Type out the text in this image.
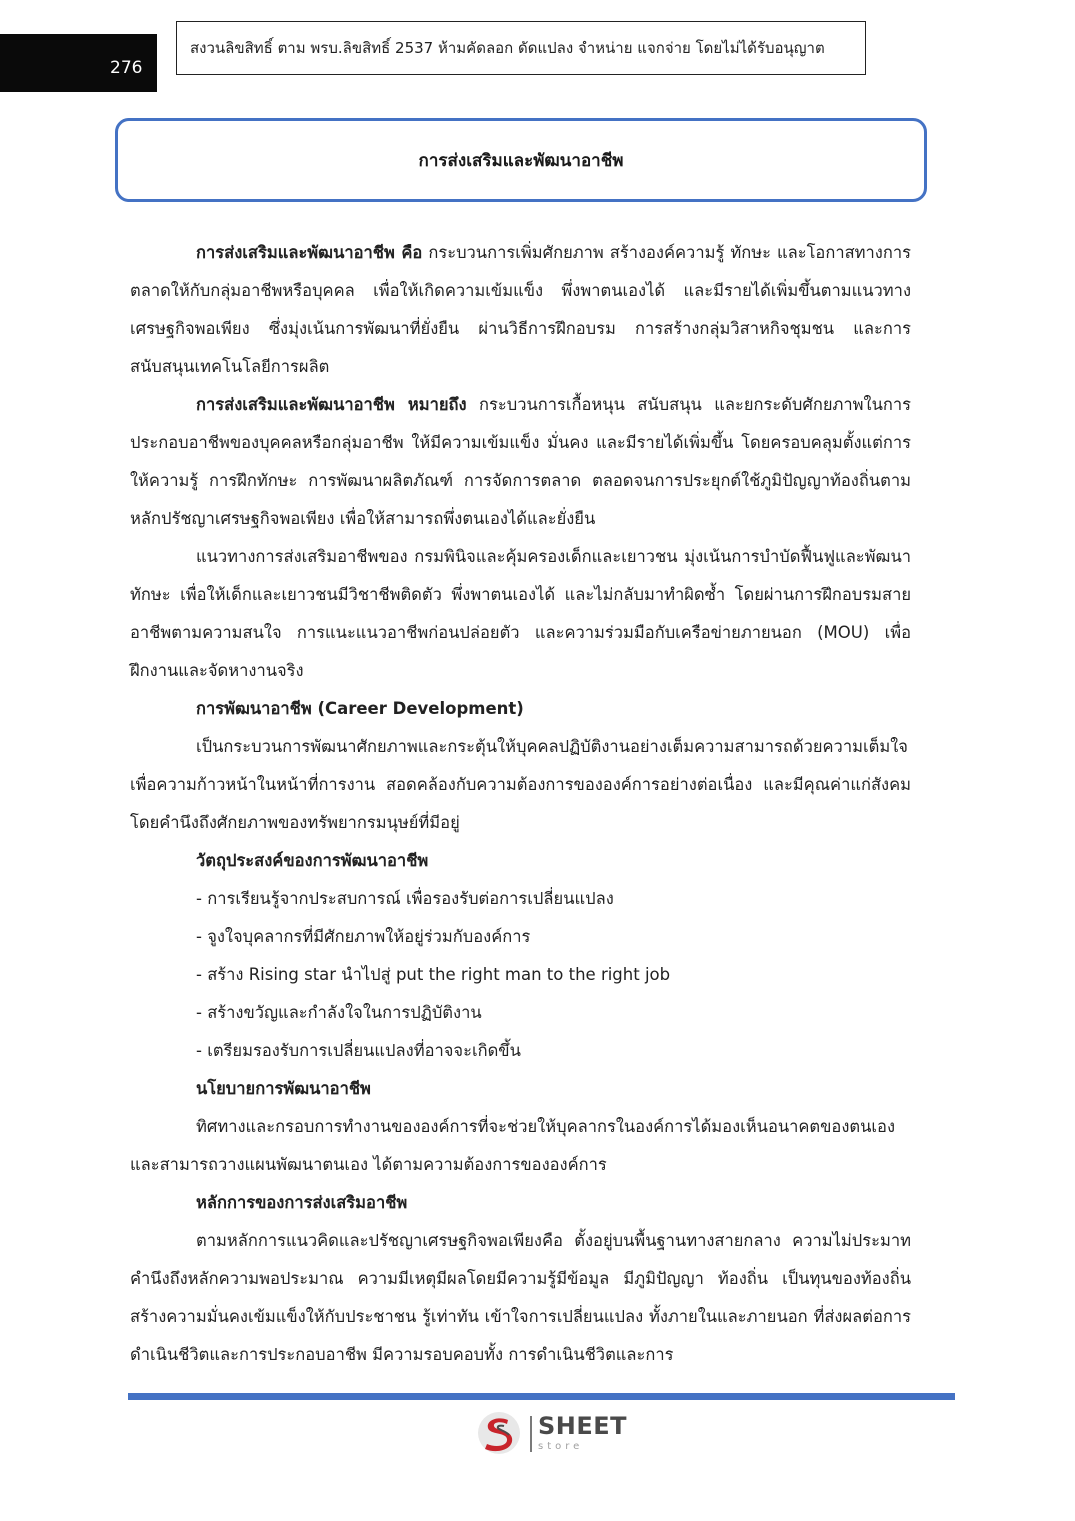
276
สงวนลิขสิทธิ์ ตาม พรบ.ลิขสิทธิ์ 2537 ห้ามคัดลอก ดัดแปลง จำหน่าย แจกจ่าย โดยไม่ได้รับอนุญาต
การส่งเสริมและพัฒนาอาชีพ

การส่งเสริมและพัฒนาอาชีพ คือ กระบวนการเพิ่มศักยภาพ สร้างองค์ความรู้ ทักษะ และโอกาสทางการตลาดให้กับกลุ่มอาชีพหรือบุคคล เพื่อให้เกิดความเข้มแข็ง พึ่งพาตนเองได้ และมีรายได้เพิ่มขึ้นตามแนวทางเศรษฐกิจพอเพียง ซึ่งมุ่งเน้นการพัฒนาที่ยั่งยืน ผ่านวิธีการฝึกอบรม การสร้างกลุ่มวิสาหกิจชุมชน และการสนับสนุนเทคโนโลยีการผลิต

การส่งเสริมและพัฒนาอาชีพ หมายถึง กระบวนการเกื้อหนุน สนับสนุน และยกระดับศักยภาพในการประกอบอาชีพของบุคคลหรือกลุ่มอาชีพ ให้มีความเข้มแข็ง มั่นคง และมีรายได้เพิ่มขึ้น โดยครอบคลุมตั้งแต่การให้ความรู้ การฝึกทักษะ การพัฒนาผลิตภัณฑ์ การจัดการตลาด ตลอดจนการประยุกต์ใช้ภูมิปัญญาท้องถิ่นตามหลักปรัชญาเศรษฐกิจพอเพียง เพื่อให้สามารถพึ่งตนเองได้และยั่งยืน

แนวทางการส่งเสริมอาชีพของ กรมพินิจและคุ้มครองเด็กและเยาวชน มุ่งเน้นการบำบัดฟื้นฟูและพัฒนาทักษะ เพื่อให้เด็กและเยาวชนมีวิชาชีพติดตัว พึ่งพาตนเองได้ และไม่กลับมาทำผิดซ้ำ โดยผ่านการฝึกอบรมสายอาชีพตามความสนใจ การแนะแนวอาชีพก่อนปล่อยตัว และความร่วมมือกับเครือข่ายภายนอก (MOU) เพื่อฝึกงานและจัดหางานจริง

การพัฒนาอาชีพ (Career Development)

เป็นกระบวนการพัฒนาศักยภาพและกระตุ้นให้บุคคลปฏิบัติงานอย่างเต็มความสามารถด้วยความเต็มใจ เพื่อความก้าวหน้าในหน้าที่การงาน สอดคล้องกับความต้องการขององค์การอย่างต่อเนื่อง และมีคุณค่าแก่สังคม โดยคำนึงถึงศักยภาพของทรัพยากรมนุษย์ที่มีอยู่

วัตถุประสงค์ของการพัฒนาอาชีพ

- การเรียนรู้จากประสบการณ์ เพื่อรองรับต่อการเปลี่ยนแปลง

- จูงใจบุคลากรที่มีศักยภาพให้อยู่ร่วมกับองค์การ

- สร้าง Rising star นำไปสู่ put the right man to the right job

- สร้างขวัญและกำลังใจในการปฏิบัติงาน

- เตรียมรองรับการเปลี่ยนแปลงที่อาจจะเกิดขึ้น

นโยบายการพัฒนาอาชีพ

ทิศทางและกรอบการทำงานขององค์การที่จะช่วยให้บุคลากรในองค์การได้มองเห็นอนาคตของตนเอง และสามารถวางแผนพัฒนาตนเอง ได้ตามความต้องการขององค์การ

หลักการของการส่งเสริมอาชีพ

ตามหลักการแนวคิดและปรัชญาเศรษฐกิจพอเพียงคือ ตั้งอยู่บนพื้นฐานทางสายกลาง ความไม่ประมาท คำนึงถึงหลักความพอประมาณ ความมีเหตุมีผลโดยมีความรู้มีข้อมูล มีภูมิปัญญา ท้องถิ่น เป็นทุนของท้องถิ่น สร้างความมั่นคงเข้มแข็งให้กับประชาชน รู้เท่าทัน เข้าใจการเปลี่ยนแปลง ทั้งภายในและภายนอก ที่ส่งผลต่อการ ดำเนินชีวิตและการประกอบอาชีพ มีความรอบคอบทั้ง การดำเนินชีวิตและการ

SHEET
store
